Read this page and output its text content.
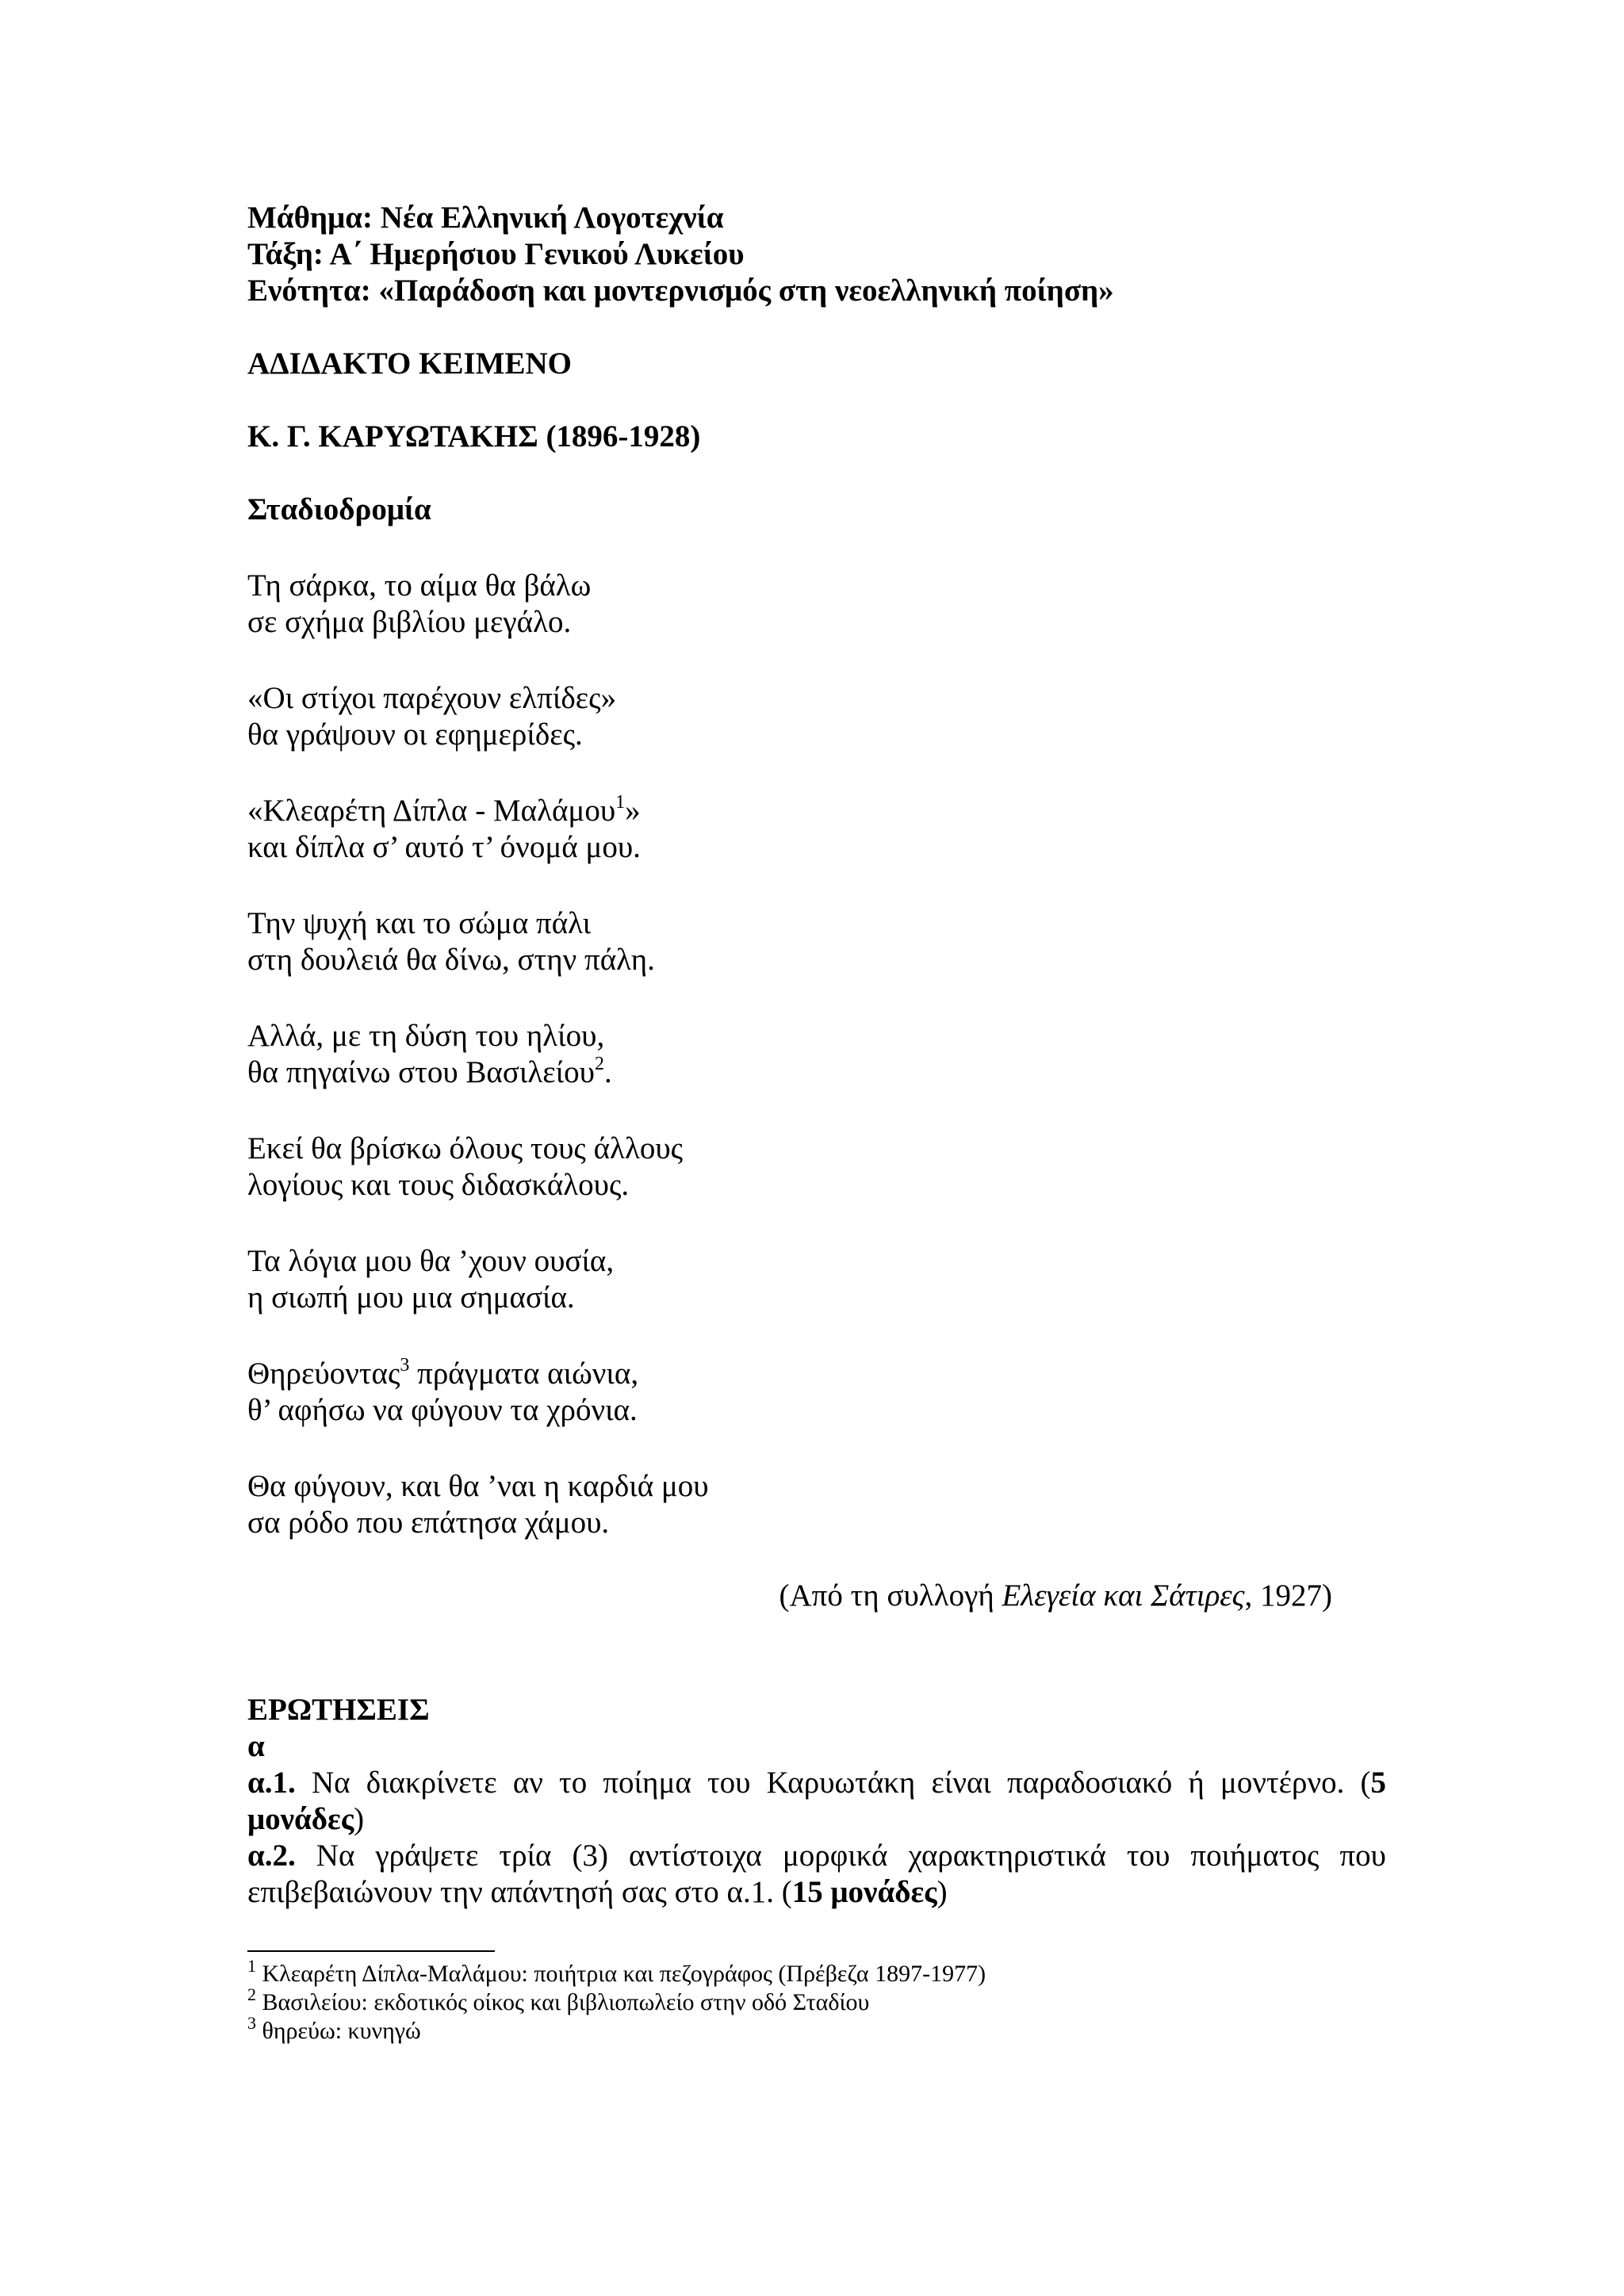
Μάθημα: Νέα Ελληνική Λογοτεχνία
Τάξη: Α΄ Ημερήσιου Γενικού Λυκείου
Ενότητα: «Παράδοση και μοντερνισμός στη νεοελληνική ποίηση»
ΑΔΙΔΑΚΤΟ ΚΕΙΜΕΝΟ
Κ. Γ. ΚΑΡΥΩΤΑΚΗΣ (1896-1928)
Σταδιοδρομία
Τη σάρκα, το αίμα θα βάλω
σε σχήμα βιβλίου μεγάλο.
«Οι στίχοι παρέχουν ελπίδες»
θα γράψουν οι εφημερίδες.
«Κλεαρέτη Δίπλα - Μαλάμου$^1$»
και δίπλα σ’ αυτό τ’ όνομά μου.
Την ψυχή και το σώμα πάλι
στη δουλειά θα δίνω, στην πάλη.
Αλλά, με τη δύση του ηλίου,
θα πηγαίνω στου Βασιλείου$^2$.
Εκεί θα βρίσκω όλους τους άλλους
λογίους και τους διδασκάλους.
Τα λόγια μου θα ’χουν ουσία,
η σιωπή μου μια σημασία.
Θηρεύοντας$^3$ πράγματα αιώνια,
θ’ αφήσω να φύγουν τα χρόνια.
Θα φύγουν, και θα ’ναι η καρδιά μου
σα ρόδο που επάτησα χάμου.
(Από τη συλλογή Ελεγεία και Σάτιρες, 1927)
ΕΡΩΤΗΣΕΙΣ
α
α.1. Να διακρίνετε αν το ποίημα του Καρυωτάκη είναι παραδοσιακό ή μοντέρνο. (5 μονάδες)
α.2. Να γράψετε τρία (3) αντίστοιχα μορφικά χαρακτηριστικά του ποιήματος που επιβεβαιώνουν την απάντησή σας στο α.1. (15 μονάδες)
$^1$ Κλεαρέτη Δίπλα-Μαλάμου: ποιήτρια και πεζογράφος (Πρέβεζα 1897-1977)
$^2$ Βασιλείου: εκδοτικός οίκος και βιβλιοπωλείο στην οδό Σταδίου
$^3$ θηρεύω: κυνηγώ
